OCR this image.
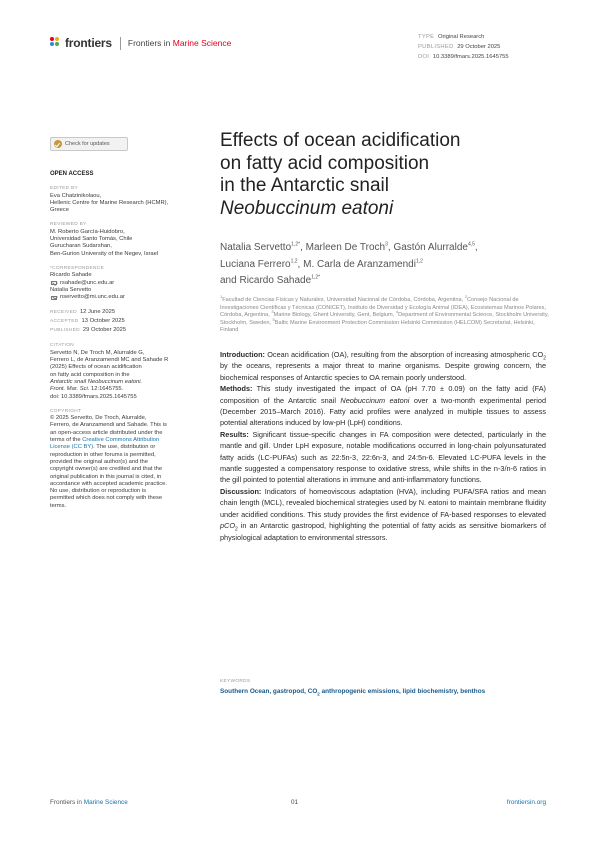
frontiers Frontiers in Marine Science
TYPE Original Research
PUBLISHED 29 October 2025
DOI 10.3389/fmars.2025.1645755
Check for updates
OPEN ACCESS
EDITED BY
Eva Chatzinikolaou,
Hellenic Centre for Marine Research (HCMR),
Greece
REVIEWED BY
M. Roberto García-Huidobro,
Universidad Santo Tomás, Chile
Gurucharan Sudarshan,
Ben-Gurion University of the Negev, Israel
*CORRESPONDENCE
Ricardo Sahade
rsahade@unc.edu.ar
Natalia Servetto
nservetto@mi.unc.edu.ar
RECEIVED 12 June 2025
ACCEPTED 13 October 2025
PUBLISHED 29 October 2025
CITATION
Servetto N, De Troch M, Alurralde G,
Ferrero L, de Aranzamendi MC and Sahade R
(2025) Effects of ocean acidification
on fatty acid composition in the
Antarctic snail Neobuccinum eatoni.
Front. Mar. Sci. 12:1645755.
doi: 10.3389/fmars.2025.1645755
COPYRIGHT
© 2025 Servetto, De Troch, Alurralde, Ferrero, de Aranzamendi and Sahade. This is an open-access article distributed under the terms of the Creative Commons Attribution License (CC BY). The use, distribution or reproduction in other forums is permitted, provided the original author(s) and the copyright owner(s) are credited and that the original publication in this journal is cited, in accordance with accepted academic practice. No use, distribution or reproduction is permitted which does not comply with these terms.
Effects of ocean acidification
on fatty acid composition
in the Antarctic snail
Neobuccinum eatoni
Natalia Servetto$^{1,2*}$, Marleen De Troch$^3$, Gastón Alurralde$^{4,5}$,
Luciana Ferrero$^{1,2}$, M. Carla de Aranzamendi$^{1,2}$
and Ricardo Sahade$^{1,2*}$
$^1$Facultad de Ciencias Físicas y Naturales, Universidad Nacional de Córdoba, Córdoba, Argentina, $^2$Consejo Nacional de Investigaciones Científicas y Técnicas (CONICET), Instituto de Diversidad y Ecología Animal (IDEA), Ecosistemas Marinos Polares, Córdoba, Argentina, $^3$Marine Biology, Ghent University, Gent, Belgium, $^4$Department of Environmental Science, Stockholm University, Stockholm, Sweden, $^5$Baltic Marine Environment Protection Commission Helsinki Commission (HELCOM) Secretariat, Helsinki, Finland

Introduction: Ocean acidification (OA), resulting from the absorption of increasing atmospheric $CO_2$ by the oceans, represents a major threat to marine organisms. Despite growing concern, the biochemical responses of Antarctic species to OA remain poorly understood.

Methods: This study investigated the impact of OA (pH 7.70 ± 0.09) on the fatty acid (FA) composition of the Antarctic snail Neobuccinum eatoni over a two-month experimental period (December 2015–March 2016). Fatty acid profiles were analyzed in multiple tissues to assess potential alterations induced by low-pH (LpH) conditions.

Results: Significant tissue-specific changes in FA composition were detected, particularly in the mantle and gill. Under LpH exposure, notable modifications occurred in long-chain polyunsaturated fatty acids (LC-PUFAs) such as 22:5n-3, 22:6n-3, and 24:5n-6. Elevated LC-PUFA levels in the mantle suggested a compensatory response to oxidative stress, while shifts in the n-3/n-6 ratios in the gill pointed to potential alterations in immune and anti-inflammatory functions.

Discussion: Indicators of homeoviscous adaptation (HVA), including PUFA/SFA ratios and mean chain length (MCL), revealed biochemical strategies used by N. eatoni to maintain membrane fluidity under acidified conditions. This study provides the first evidence of FA-based responses to elevated pCO$_2$ in an Antarctic gastropod, highlighting the potential of fatty acids as sensitive biomarkers of physiological adaptation to environmental stressors.

KEYWORDS
Southern Ocean, gastropod, $CO_2$ anthropogenic emissions, lipid biochemistry, benthos
Frontiers in Marine Science	01	frontiersin.org
